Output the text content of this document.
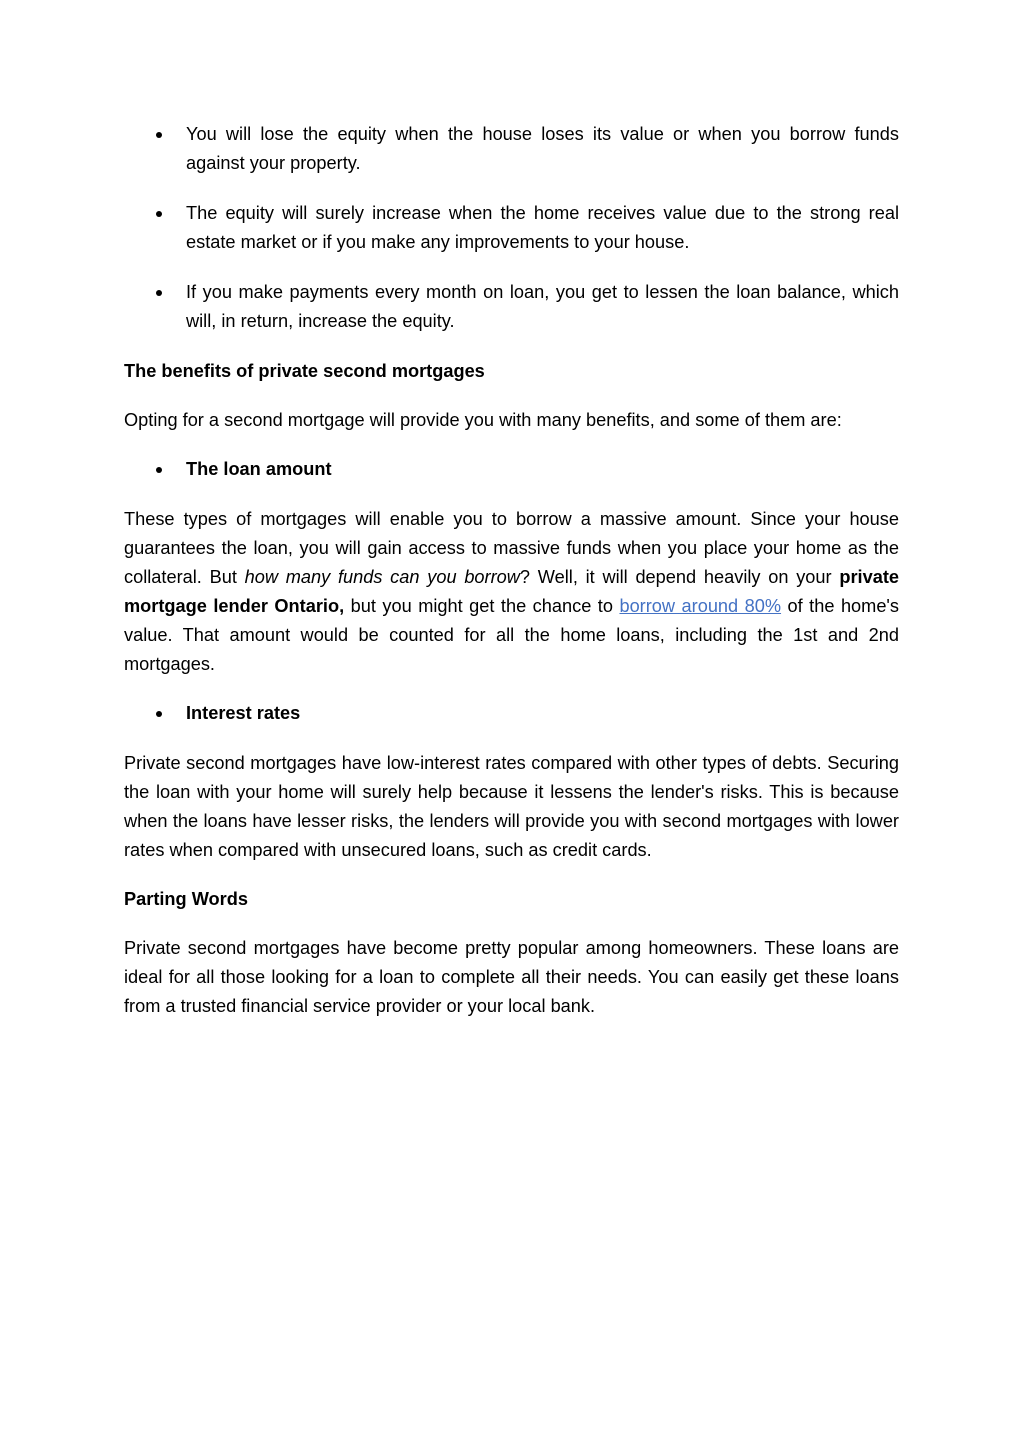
You will lose the equity when the house loses its value or when you borrow funds against your property.
The equity will surely increase when the home receives value due to the strong real estate market or if you make any improvements to your house.
If you make payments every month on loan, you get to lessen the loan balance, which will, in return, increase the equity.

The benefits of private second mortgages

Opting for a second mortgage will provide you with many benefits, and some of them are:

The loan amount

These types of mortgages will enable you to borrow a massive amount. Since your house guarantees the loan, you will gain access to massive funds when you place your home as the collateral. But how many funds can you borrow? Well, it will depend heavily on your private mortgage lender Ontario, but you might get the chance to borrow around 80% of the home's value. That amount would be counted for all the home loans, including the 1st and 2nd mortgages.

Interest rates

Private second mortgages have low-interest rates compared with other types of debts. Securing the loan with your home will surely help because it lessens the lender's risks. This is because when the loans have lesser risks, the lenders will provide you with second mortgages with lower rates when compared with unsecured loans, such as credit cards.

Parting Words

Private second mortgages have become pretty popular among homeowners. These loans are ideal for all those looking for a loan to complete all their needs. You can easily get these loans from a trusted financial service provider or your local bank.
